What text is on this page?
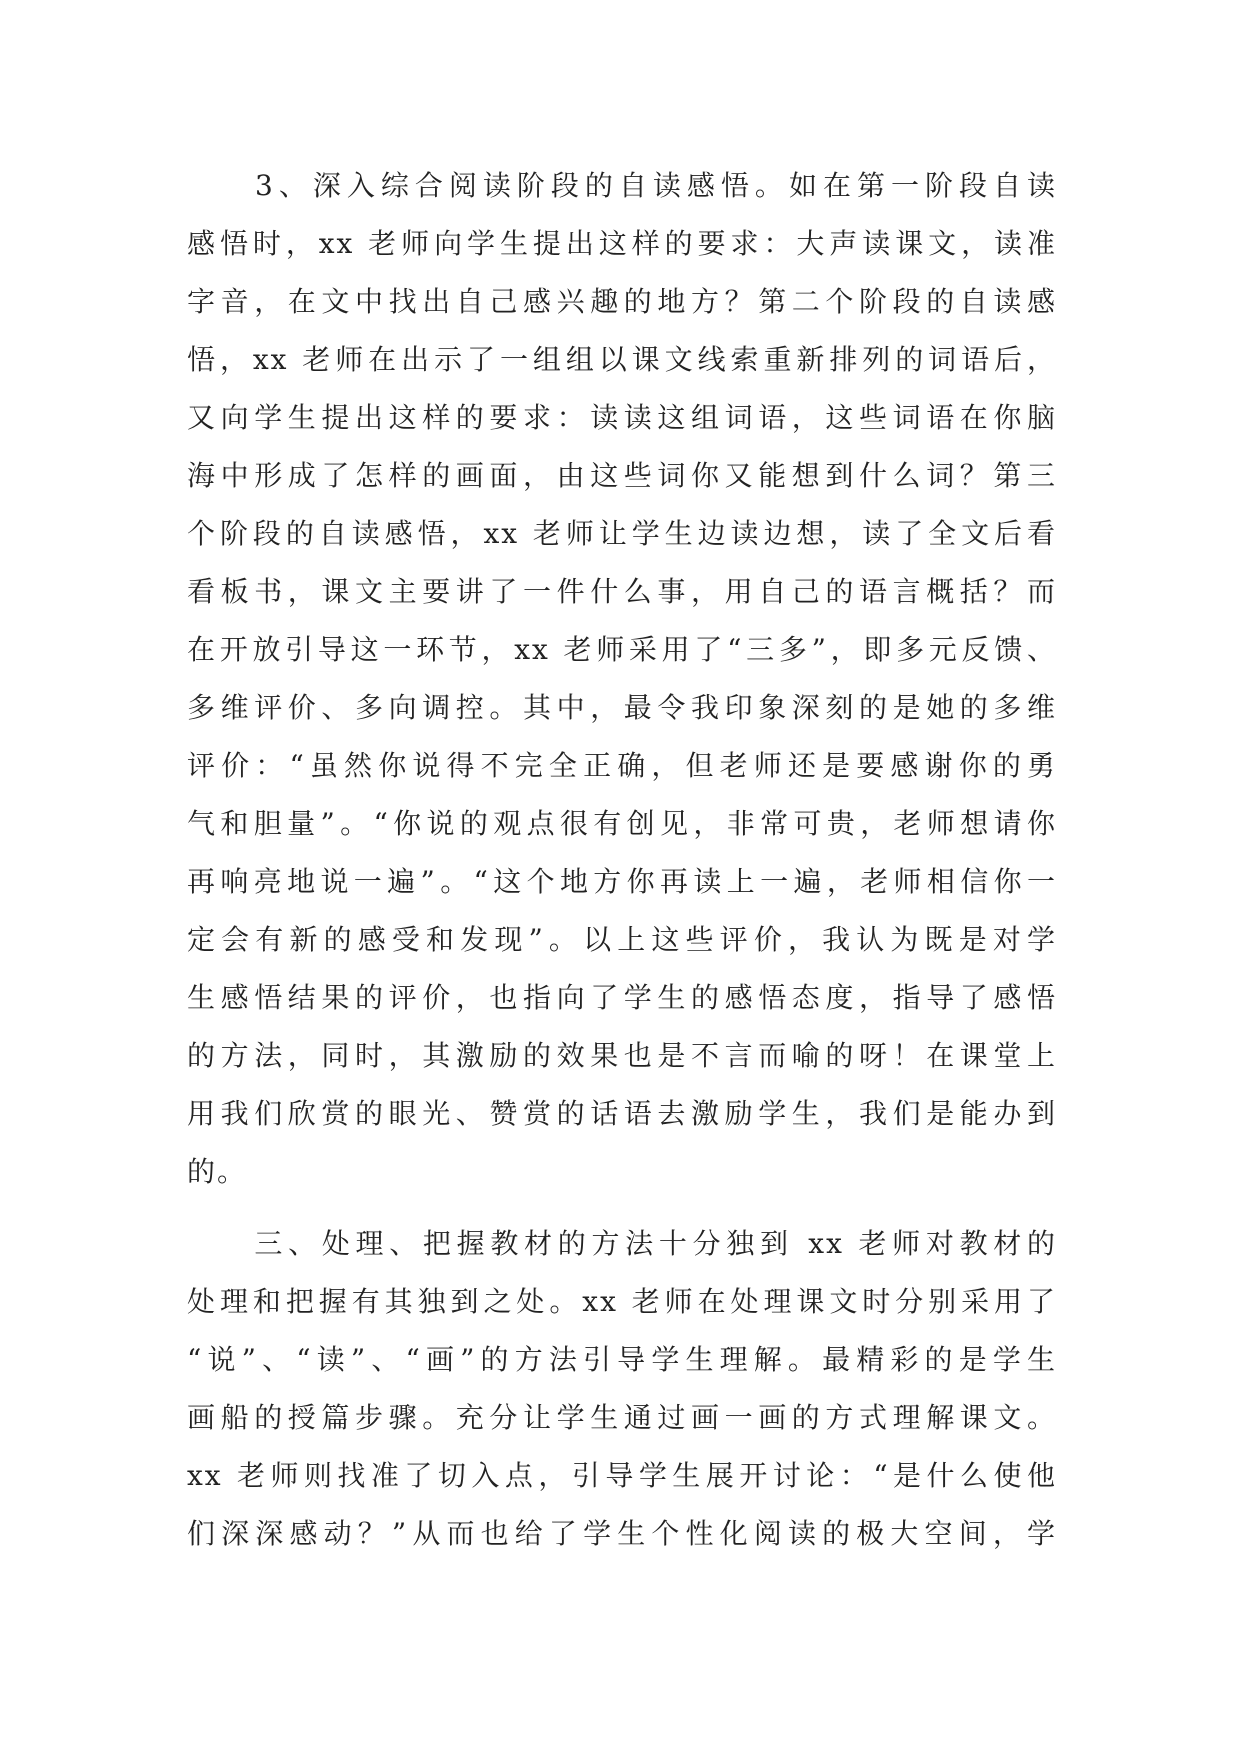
　　3、深入综合阅读阶段的自读感悟。如在第一阶段自读
感悟时，xx 老师向学生提出这样的要求：大声读课文，读准
字音，在文中找出自己感兴趣的地方？第二个阶段的自读感
悟，xx 老师在出示了一组组以课文线索重新排列的词语后，
又向学生提出这样的要求：读读这组词语，这些词语在你脑
海中形成了怎样的画面，由这些词你又能想到什么词？第三
个阶段的自读感悟，xx 老师让学生边读边想，读了全文后看
看板书，课文主要讲了一件什么事，用自己的语言概括？而
在开放引导这一环节，xx 老师采用了“三多”，即多元反馈、
多维评价、多向调控。其中，最令我印象深刻的是她的多维
评价：“虽然你说得不完全正确，但老师还是要感谢你的勇
气和胆量”。“你说的观点很有创见，非常可贵，老师想请你
再响亮地说一遍”。“这个地方你再读上一遍，老师相信你一
定会有新的感受和发现”。以上这些评价，我认为既是对学
生感悟结果的评价，也指向了学生的感悟态度，指导了感悟
的方法，同时，其激励的效果也是不言而喻的呀！在课堂上
用我们欣赏的眼光、赞赏的话语去激励学生，我们是能办到
的。
　　三、处理、把握教材的方法十分独到 xx 老师对教材的
处理和把握有其独到之处。xx 老师在处理课文时分别采用了
“说”、“读”、“画”的方法引导学生理解。最精彩的是学生
画船的授篇步骤。充分让学生通过画一画的方式理解课文。
xx 老师则找准了切入点，引导学生展开讨论：“是什么使他
们深深感动？”从而也给了学生个性化阅读的极大空间，学
